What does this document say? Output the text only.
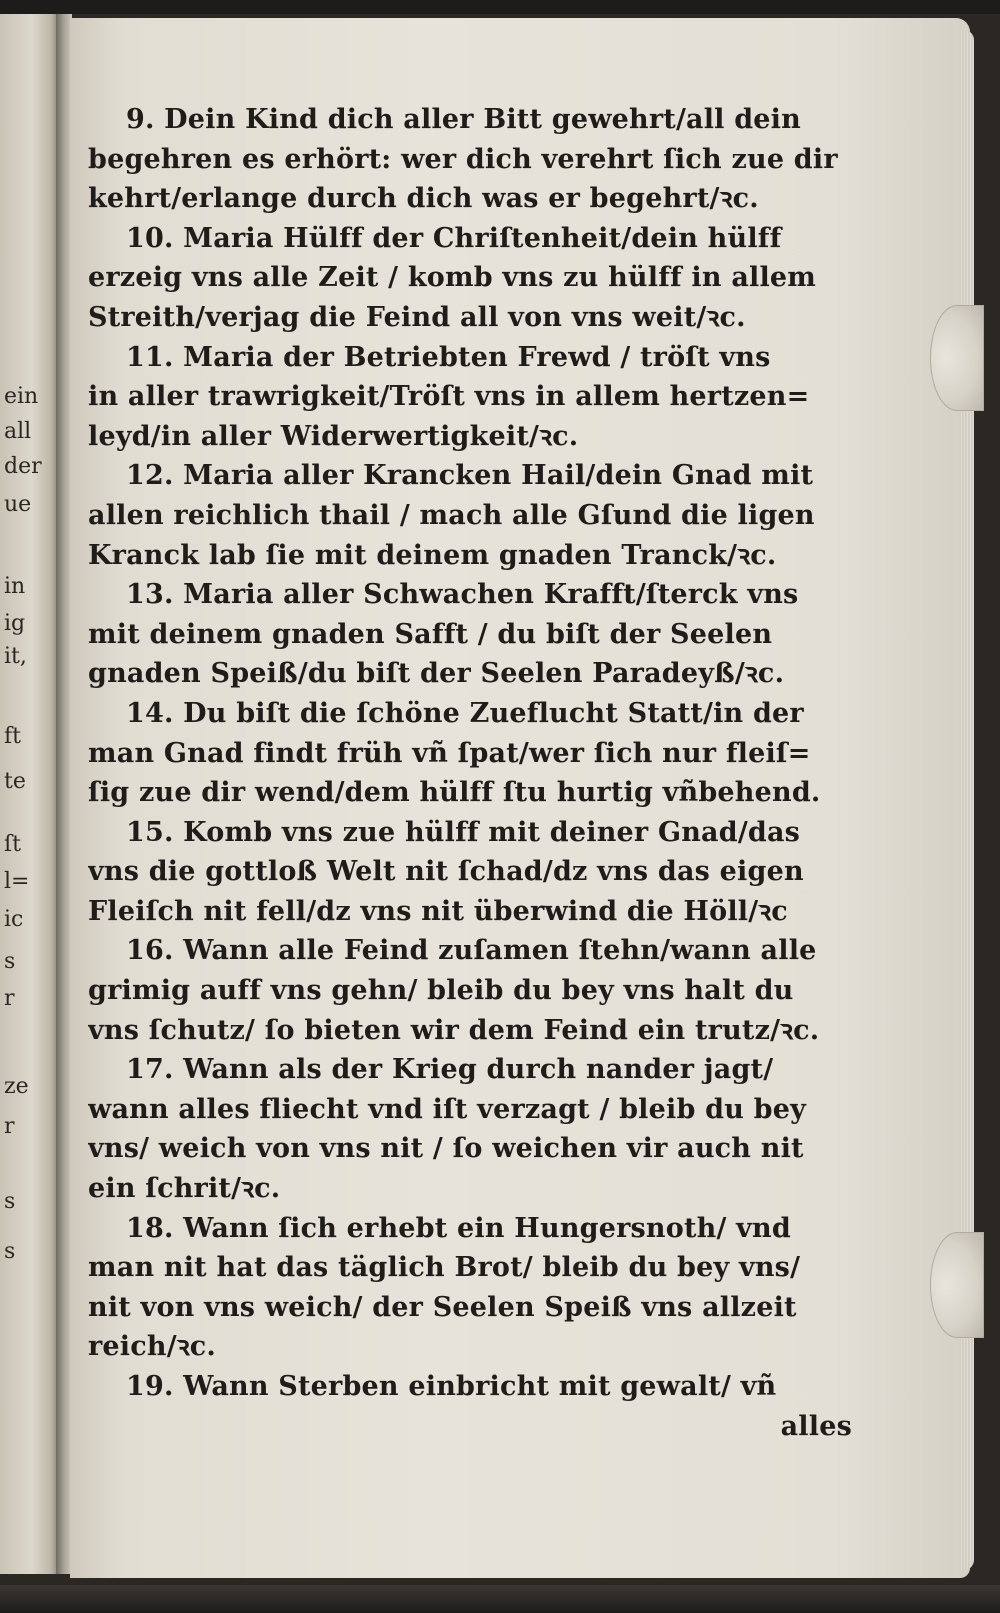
ein
all
der
ue
in
ig
it,
ft
te
ſt
l=
ic
s
r
ze
r
s
s
9. Dein Kind dich aller Bitt gewehrt/all dein
begehren es erhört: wer dich verehrt ſich zue dir
kehrt/erlange durch dich was er begehrt/ꝛc.
10. Maria Hülff der Chriſtenheit/dein hülff
erzeig vns alle Zeit / komb vns zu hülff in allem
Streith/verjag die Feind all von vns weit/ꝛc.
11. Maria der Betriebten Frewd / tröſt vns
in aller trawrigkeit/Tröſt vns in allem hertzen=
leyd/in aller Widerwertigkeit/ꝛc.
12. Maria aller Krancken Hail/dein Gnad mit
allen reichlich thail / mach alle Gſund die ligen
Kranck lab ſie mit deinem gnaden Tranck/ꝛc.
13. Maria aller Schwachen Krafft/ſterck vns
mit deinem gnaden Safft / du biſt der Seelen
gnaden Speiß/du biſt der Seelen Paradeyß/ꝛc.
14. Du biſt die ſchöne Zueflucht Statt/in der
man Gnad findt früh vñ ſpat/wer ſich nur fleiſ=
ſig zue dir wend/dem hülff ſtu hurtig vñbehend.
15. Komb vns zue hülff mit deiner Gnad/das
vns die gottloß Welt nit ſchad/dz vns das eigen
Fleiſch nit fell/dz vns nit überwind die Höll/ꝛc
16. Wann alle Feind zuſamen ſtehn/wann alle
grimig auff vns gehn/ bleib du bey vns halt du
vns ſchutz/ ſo bieten wir dem Feind ein trutz/ꝛc.
17. Wann als der Krieg durch nander jagt/
wann alles fliecht vnd iſt verzagt / bleib du bey
vns/ weich von vns nit / ſo weichen vir auch nit
ein ſchrit/ꝛc.
18. Wann ſich erhebt ein Hungersnoth/ vnd
man nit hat das täglich Brot/ bleib du bey vns/
nit von vns weich/ der Seelen Speiß vns allzeit
reich/ꝛc.
19. Wann Sterben einbricht mit gewalt/ vñ
alles
